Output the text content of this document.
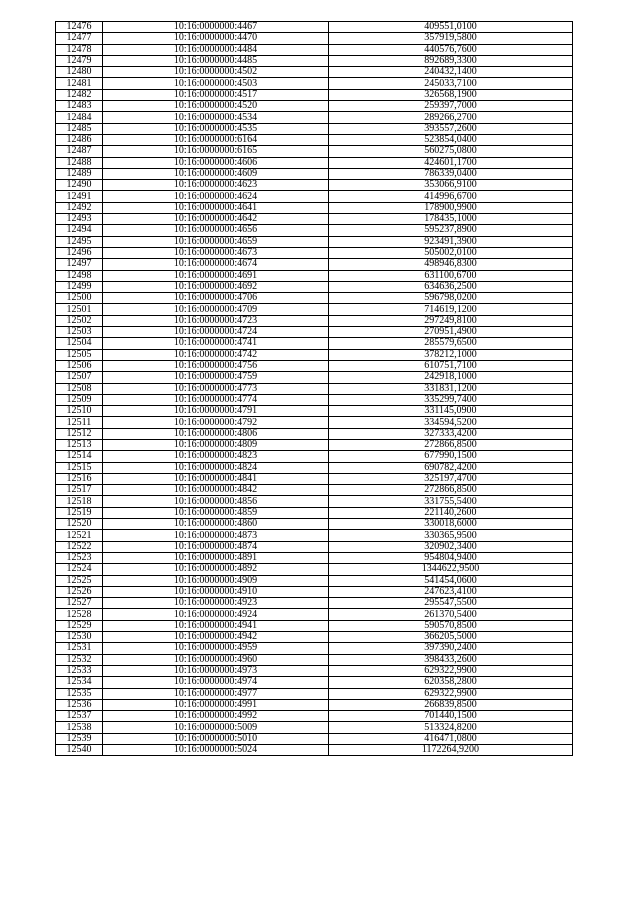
12476	10:16:0000000:4467	409551,0100
12477	10:16:0000000:4470	357919,5800
12478	10:16:0000000:4484	440576,7600
12479	10:16:0000000:4485	892689,3300
12480	10:16:0000000:4502	240432,1400
12481	10:16:0000000:4503	245033,7100
12482	10:16:0000000:4517	326568,1900
12483	10:16:0000000:4520	259397,7000
12484	10:16:0000000:4534	289266,2700
12485	10:16:0000000:4535	393557,2600
12486	10:16:0000000:6164	523854,0400
12487	10:16:0000000:6165	560275,0800
12488	10:16:0000000:4606	424601,1700
12489	10:16:0000000:4609	786339,0400
12490	10:16:0000000:4623	353066,9100
12491	10:16:0000000:4624	414996,6700
12492	10:16:0000000:4641	178900,9900
12493	10:16:0000000:4642	178435,1000
12494	10:16:0000000:4656	595237,8900
12495	10:16:0000000:4659	923491,3900
12496	10:16:0000000:4673	505002,0100
12497	10:16:0000000:4674	498946,8300
12498	10:16:0000000:4691	631100,6700
12499	10:16:0000000:4692	634636,2500
12500	10:16:0000000:4706	596798,0200
12501	10:16:0000000:4709	714619,1200
12502	10:16:0000000:4723	297249,8100
12503	10:16:0000000:4724	270951,4900
12504	10:16:0000000:4741	285579,6500
12505	10:16:0000000:4742	378212,1000
12506	10:16:0000000:4756	610751,7100
12507	10:16:0000000:4759	242918,1000
12508	10:16:0000000:4773	331831,1200
12509	10:16:0000000:4774	335299,7400
12510	10:16:0000000:4791	331145,0900
12511	10:16:0000000:4792	334594,5200
12512	10:16:0000000:4806	327333,4200
12513	10:16:0000000:4809	272866,8500
12514	10:16:0000000:4823	677990,1500
12515	10:16:0000000:4824	690782,4200
12516	10:16:0000000:4841	325197,4700
12517	10:16:0000000:4842	272866,8500
12518	10:16:0000000:4856	331755,5400
12519	10:16:0000000:4859	221140,2600
12520	10:16:0000000:4860	330018,6000
12521	10:16:0000000:4873	330365,9500
12522	10:16:0000000:4874	320902,3400
12523	10:16:0000000:4891	954804,9400
12524	10:16:0000000:4892	1344622,9500
12525	10:16:0000000:4909	541454,0600
12526	10:16:0000000:4910	247623,4100
12527	10:16:0000000:4923	295547,5500
12528	10:16:0000000:4924	261370,5400
12529	10:16:0000000:4941	590570,8500
12530	10:16:0000000:4942	366205,5000
12531	10:16:0000000:4959	397390,2400
12532	10:16:0000000:4960	398433,2600
12533	10:16:0000000:4973	629322,9900
12534	10:16:0000000:4974	620358,2800
12535	10:16:0000000:4977	629322,9900
12536	10:16:0000000:4991	266839,8500
12537	10:16:0000000:4992	701440,1500
12538	10:16:0000000:5009	513324,8200
12539	10:16:0000000:5010	416471,0800
12540	10:16:0000000:5024	1172264,9200
